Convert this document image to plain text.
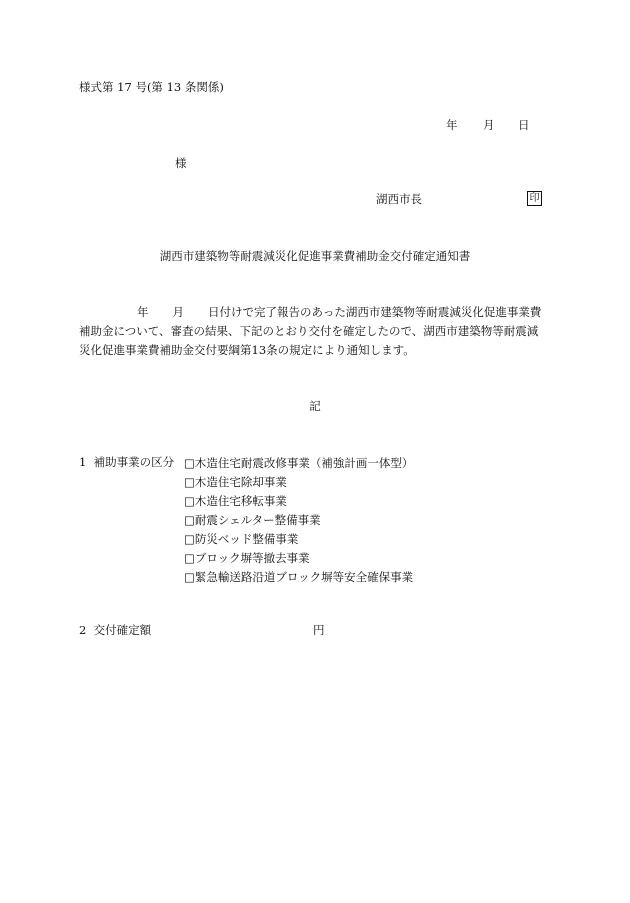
様式第 17 号(第 13 条関係)
年 月 日
様
湖西市長	印
湖西市建築物等耐震減災化促進事業費補助金交付確定通知書
年 月 日付けで完了報告のあった湖西市建築物等耐震減災化促進事業費
補助金について、審査の結果、下記のとおり交付を確定したので、湖西市建築物等耐震減
災化促進事業費補助金交付要綱第13条の規定により通知します。
記
1  補助事業の区分 □木造住宅耐震改修事業（補強計画一体型）
□木造住宅除却事業
□木造住宅移転事業
□耐震シェルター整備事業
□防災ベッド整備事業
□ブロック塀等撤去事業
□緊急輸送路沿道ブロック塀等安全確保事業
2  交付確定額	円
